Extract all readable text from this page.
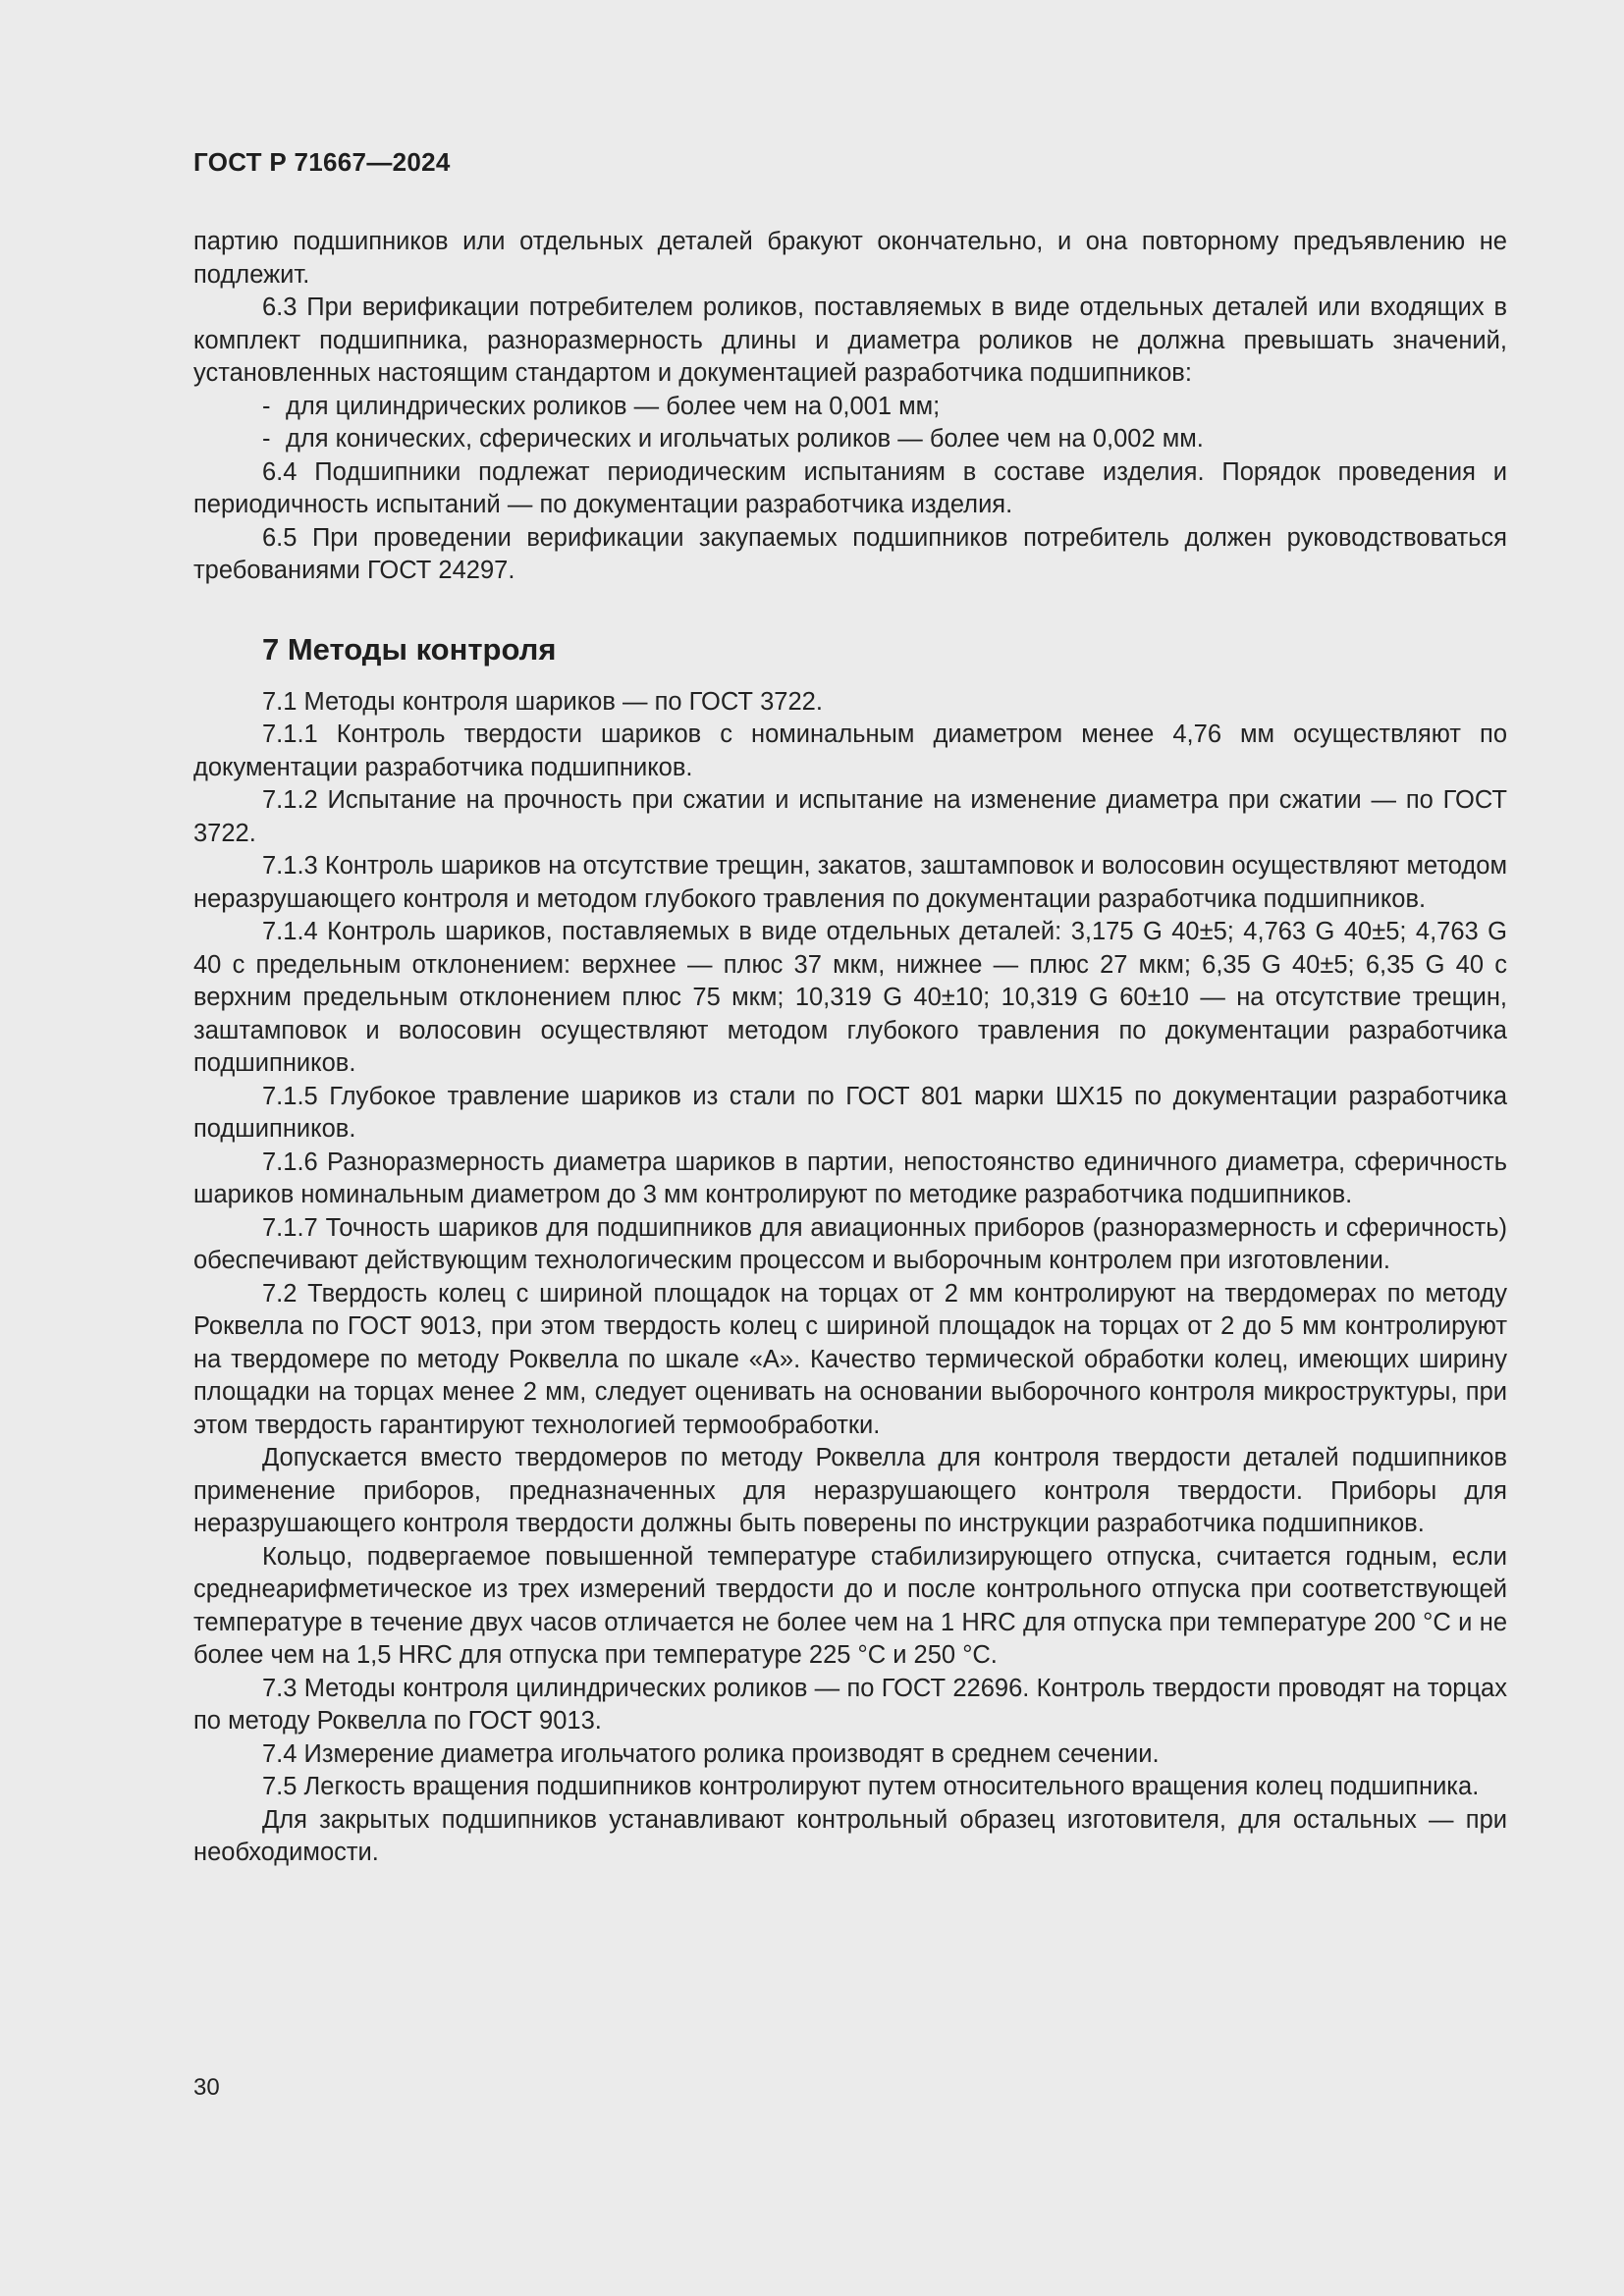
ГОСТ Р 71667—2024

партию подшипников или отдельных деталей бракуют окончательно, и она повторному предъявлению не подлежит.

6.3 При верификации потребителем роликов, поставляемых в виде отдельных деталей или входящих в комплект подшипника, разноразмерность длины и диаметра роликов не должна превышать значений, установленных настоящим стандартом и документацией разработчика подшипников:

- для цилиндрических роликов — более чем на 0,001 мм;

- для конических, сферических и игольчатых роликов — более чем на 0,002 мм.

6.4 Подшипники подлежат периодическим испытаниям в составе изделия. Порядок проведения и периодичность испытаний — по документации разработчика изделия.

6.5 При проведении верификации закупаемых подшипников потребитель должен руководствоваться требованиями ГОСТ 24297.

7 Методы контроля

7.1 Методы контроля шариков — по ГОСТ 3722.

7.1.1 Контроль твердости шариков с номинальным диаметром менее 4,76 мм осуществляют по документации разработчика подшипников.

7.1.2 Испытание на прочность при сжатии и испытание на изменение диаметра при сжатии — по ГОСТ 3722.

7.1.3 Контроль шариков на отсутствие трещин, закатов, заштамповок и волосовин осуществляют методом неразрушающего контроля и методом глубокого травления по документации разработчика подшипников.

7.1.4 Контроль шариков, поставляемых в виде отдельных деталей: 3,175 G 40±5; 4,763 G 40±5; 4,763 G 40 с предельным отклонением: верхнее — плюс 37 мкм, нижнее — плюс 27 мкм; 6,35 G 40±5; 6,35 G 40 с верхним предельным отклонением плюс 75 мкм; 10,319 G 40±10; 10,319 G 60±10 — на отсутствие трещин, заштамповок и волосовин осуществляют методом глубокого травления по документации разработчика подшипников.

7.1.5 Глубокое травление шариков из стали по ГОСТ 801 марки ШХ15 по документации разработчика подшипников.

7.1.6 Разноразмерность диаметра шариков в партии, непостоянство единичного диаметра, сферичность шариков номинальным диаметром до 3 мм контролируют по методике разработчика подшипников.

7.1.7 Точность шариков для подшипников для авиационных приборов (разноразмерность и сферичность) обеспечивают действующим технологическим процессом и выборочным контролем при изготовлении.

7.2 Твердость колец с шириной площадок на торцах от 2 мм контролируют на твердомерах по методу Роквелла по ГОСТ 9013, при этом твердость колец с шириной площадок на торцах от 2 до 5 мм контролируют на твердомере по методу Роквелла по шкале «А». Качество термической обработки колец, имеющих ширину площадки на торцах менее 2 мм, следует оценивать на основании выборочного контроля микроструктуры, при этом твердость гарантируют технологией термообработки.

Допускается вместо твердомеров по методу Роквелла для контроля твердости деталей подшипников применение приборов, предназначенных для неразрушающего контроля твердости. Приборы для неразрушающего контроля твердости должны быть поверены по инструкции разработчика подшипников.

Кольцо, подвергаемое повышенной температуре стабилизирующего отпуска, считается годным, если среднеарифметическое из трех измерений твердости до и после контрольного отпуска при соответствующей температуре в течение двух часов отличается не более чем на 1 HRC для отпуска при температуре 200 °С и не более чем на 1,5 HRC для отпуска при температуре 225 °С и 250 °С.

7.3 Методы контроля цилиндрических роликов — по ГОСТ 22696. Контроль твердости проводят на торцах по методу Роквелла по ГОСТ 9013.

7.4 Измерение диаметра игольчатого ролика производят в среднем сечении.

7.5 Легкость вращения подшипников контролируют путем относительного вращения колец подшипника.

Для закрытых подшипников устанавливают контрольный образец изготовителя, для остальных — при необходимости.

30
